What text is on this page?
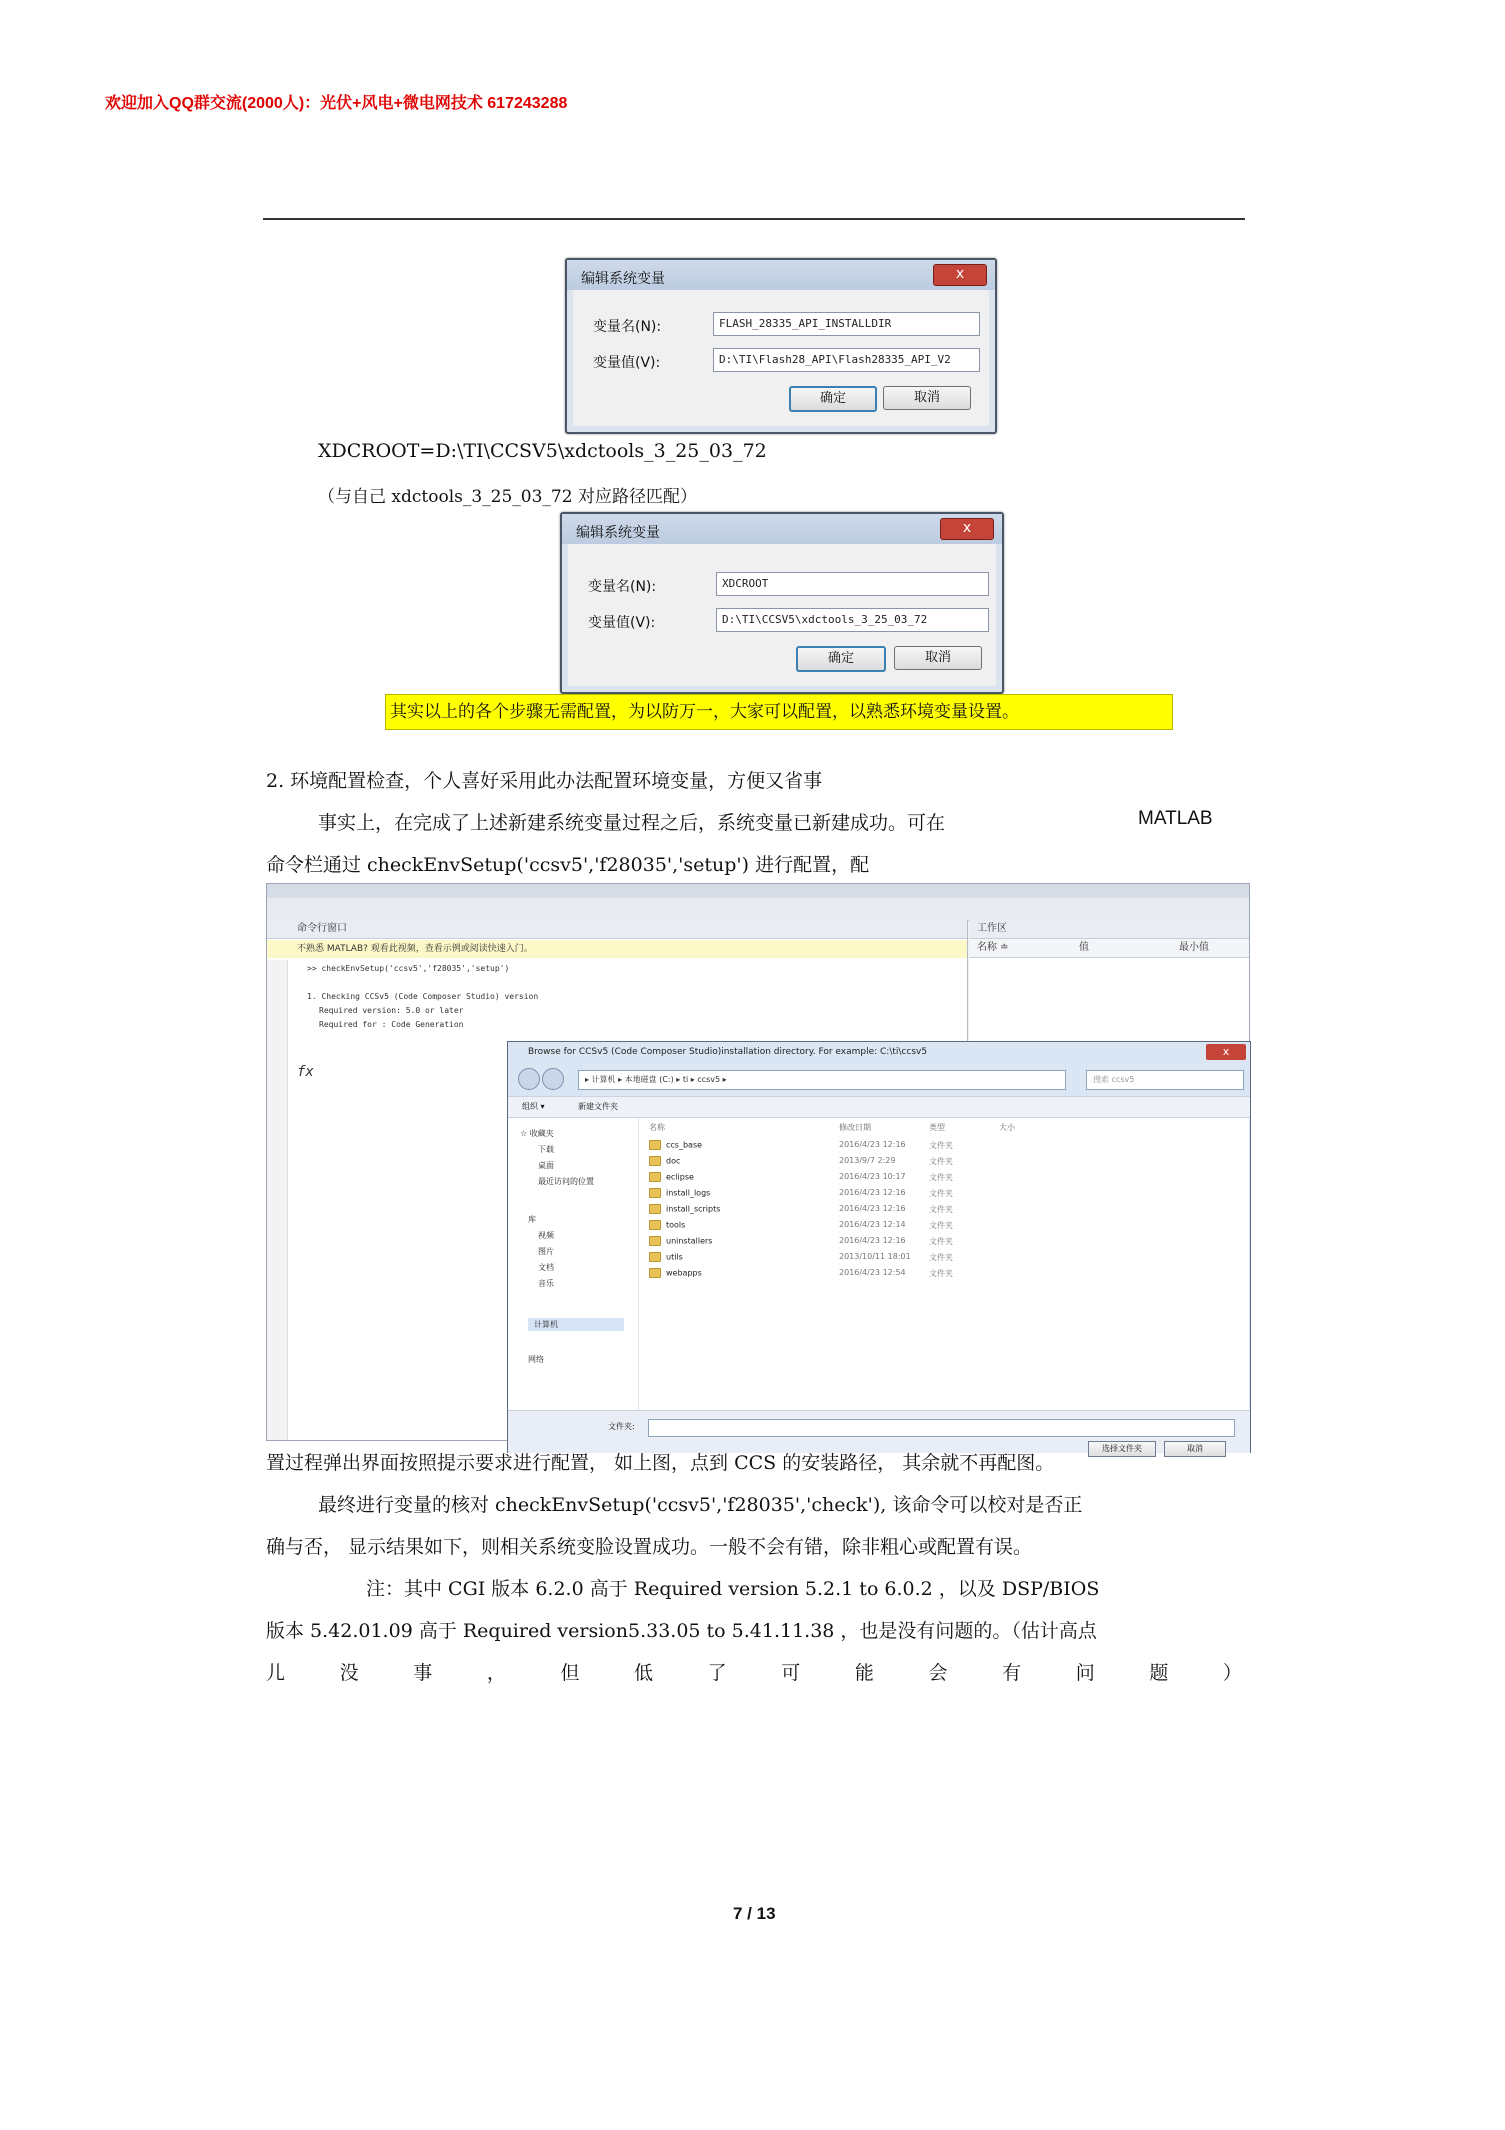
欢迎加入QQ群交流(2000人)：光伏+风电+微电网技术 617243288
编辑系统变量	x
变量名(N):	FLASH_28335_API_INSTALLDIR
变量值(V):	D:\TI\Flash28_API\Flash28335_API_V2
确定	取消
XDCROOT=D:\TI\CCSV5\xdctools_3_25_03_72
（与自己 xdctools_3_25_03_72 对应路径匹配）
编辑系统变量	x
变量名(N):	XDCROOT
变量值(V):	D:\TI\CCSV5\xdctools_3_25_03_72
确定	取消
其实以上的各个步骤无需配置，为以防万一，大家可以配置，以熟悉环境变量设置。
2. 环境配置检查，个人喜好采用此办法配置环境变量，方便又省事
事实上，在完成了上述新建系统变量过程之后，系统变量已新建成功。可在	MATLAB
命令栏通过 checkEnvSetup('ccsv5','f28035','setup') 进行配置，配
命令行窗口
不熟悉 MATLAB? 观看此视频，查看示例或阅读快速入门。
>> checkEnvSetup('ccsv5','f28035','setup')
1. Checking CCSv5 (Code Composer Studio) version
Required version: 5.0 or later
Required for : Code Generation
fx
工作区
名称 ≐	值	最小值
Browse for CCSv5 (Code Composer Studio)installation directory. For example: C:\ti\ccsv5	x
▸ 计算机 ▸ 本地磁盘 (C:) ▸ ti ▸ ccsv5 ▸	搜索 ccsv5
组织 ▾	新建文件夹
☆ 收藏夹
下载
桌面
最近访问的位置
库
视频
图片
文档
音乐
计算机
网络
名称	修改日期	类型	大小
ccs_base	2016/4/23 12:16	文件夹
doc	2013/9/7 2:29	文件夹
eclipse	2016/4/23 10:17	文件夹
install_logs	2016/4/23 12:16	文件夹
install_scripts	2016/4/23 12:16	文件夹
tools	2016/4/23 12:14	文件夹
uninstallers	2016/4/23 12:16	文件夹
utils	2013/10/11 18:01 文件夹
webapps	2016/4/23 12:54	文件夹
文件夹:
选择文件夹	取消
置过程弹出界面按照提示要求进行配置， 如上图，点到 CCS 的安装路径， 其余就不再配图。
最终进行变量的核对 checkEnvSetup('ccsv5','f28035','check'), 该命令可以校对是否正
确与否， 显示结果如下，则相关系统变脸设置成功。一般不会有错，除非粗心或配置有误。
注：其中 CGI 版本 6.2.0 高于 Required version 5.2.1 to 6.0.2 ，以及 DSP/BIOS
版本 5.42.01.09 高于 Required version5.33.05 to 5.41.11.38 ，也是没有问题的。（估计高点
儿	没	事	，	但	低	了	可	能	会	有	问	题	）
7 / 13
